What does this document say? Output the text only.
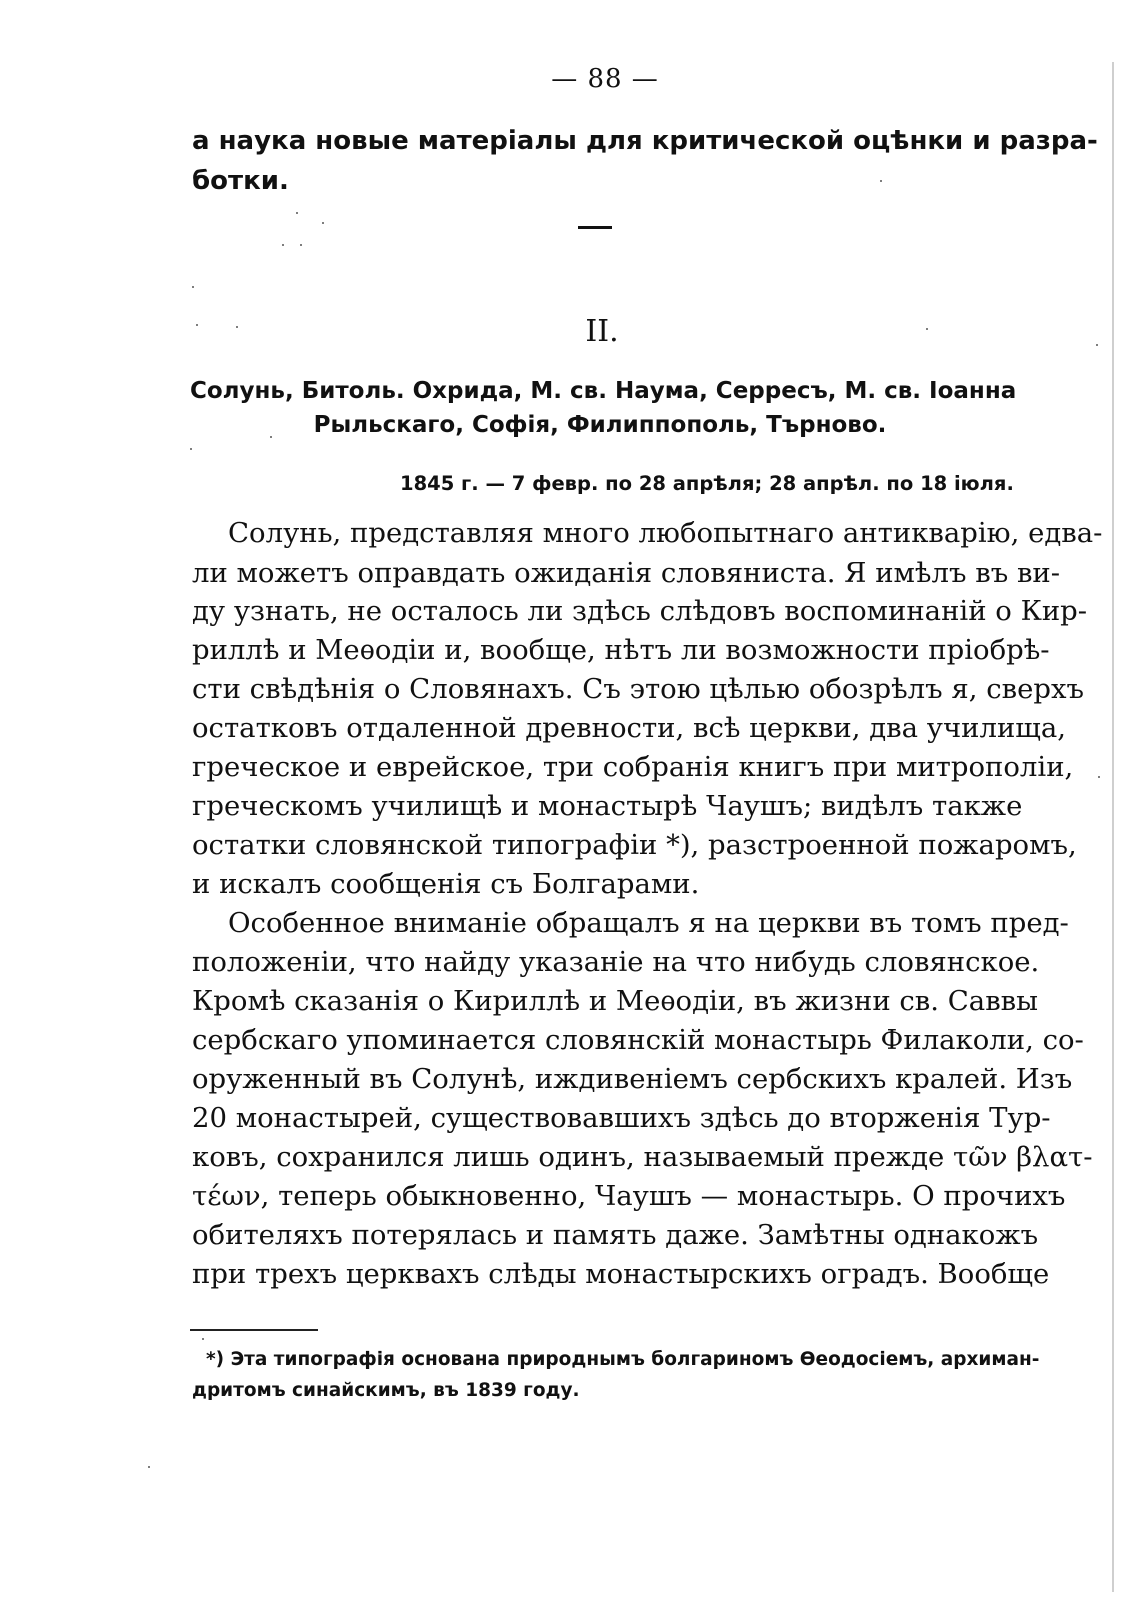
— 88 —
а наука новые матеріалы для критической оцѣнки и разра-
ботки.
II.
Солунь, Битоль. Охрида, М. св. Наума, Серресъ, М. св. Іоанна
Рыльскаго, Софія, Филиппополь, Търново.
1845 г. — 7 февр. по 28 апрѣля; 28 апрѣл. по 18 іюля.
Солунь, представляя много любопытнаго антикварію, едва-
ли можетъ оправдать ожиданія словяниста. Я имѣлъ въ ви-
ду узнать, не осталось ли здѣсь слѣдовъ воспоминаній о Кир-
риллѣ и Меѳодіи и, вообще, нѣтъ ли возможности пріобрѣ-
сти свѣдѣнія о Словянахъ. Съ этою цѣлью обозрѣлъ я, сверхъ
остатковъ отдаленной древности, всѣ церкви, два училища,
греческое и еврейское, три собранія книгъ при митрополіи,
греческомъ училищѣ и монастырѣ Чаушъ; видѣлъ также
остатки словянской типографіи *), разстроенной пожаромъ,
и искалъ сообщенія съ Болгарами.
Особенное вниманіе обращалъ я на церкви въ томъ пред-
положеніи, что найду указаніе на что нибудь словянское.
Кромѣ сказанія о Кириллѣ и Меѳодіи, въ жизни св. Саввы
сербскаго упоминается словянскій монастырь Филаколи, со-
оруженный въ Солунѣ, иждивеніемъ сербскихъ кралей. Изъ
20 монастырей, существовавшихъ здѣсь до вторженія Тур-
ковъ, сохранился лишь одинъ, называемый прежде τῶν βλατ-
τέων, теперь обыкновенно, Чаушъ — монастырь. О прочихъ
обителяхъ потерялась и память даже. Замѣтны однакожъ
при трехъ церквахъ слѣды монастырскихъ оградъ. Вообще
*) Эта типографія основана природнымъ болгариномъ Ѳеодосіемъ, архиман-
дритомъ синайскимъ, въ 1839 году.
